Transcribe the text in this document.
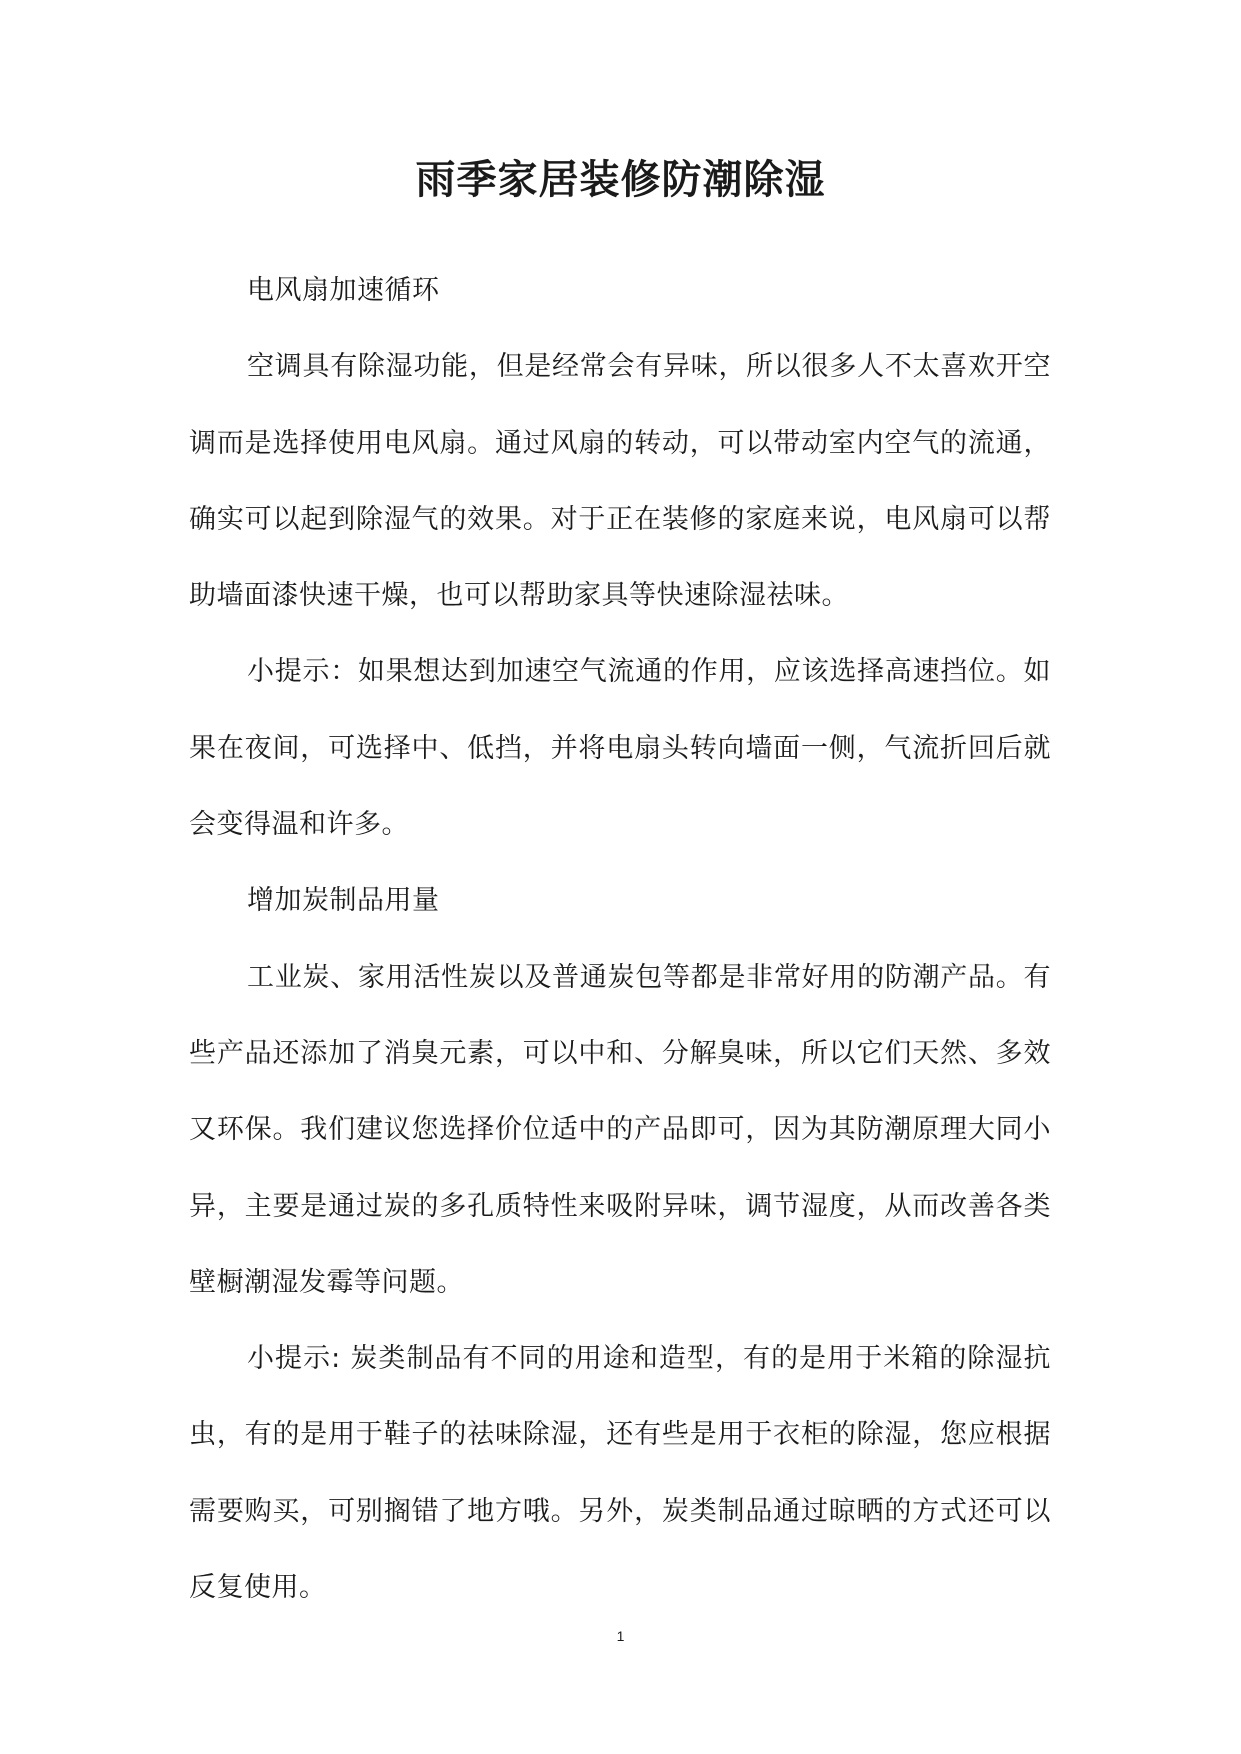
雨季家居装修防潮除湿

电风扇加速循环

空调具有除湿功能，但是经常会有异味，所以很多人不太喜欢开空调而是选择使用电风扇。通过风扇的转动，可以带动室内空气的流通，确实可以起到除湿气的效果。对于正在装修的家庭来说，电风扇可以帮助墙面漆快速干燥，也可以帮助家具等快速除湿祛味。

小提示：如果想达到加速空气流通的作用，应该选择高速挡位。如果在夜间，可选择中、低挡，并将电扇头转向墙面一侧，气流折回后就会变得温和许多。

增加炭制品用量

工业炭、家用活性炭以及普通炭包等都是非常好用的防潮产品。有些产品还添加了消臭元素，可以中和、分解臭味，所以它们天然、多效又环保。我们建议您选择价位适中的产品即可，因为其防潮原理大同小异，主要是通过炭的多孔质特性来吸附异味，调节湿度，从而改善各类壁橱潮湿发霉等问题。

小提示: 炭类制品有不同的用途和造型，有的是用于米箱的除湿抗虫，有的是用于鞋子的祛味除湿，还有些是用于衣柜的除湿，您应根据需要购买，可别搁错了地方哦。另外，炭类制品通过晾晒的方式还可以反复使用。

1
